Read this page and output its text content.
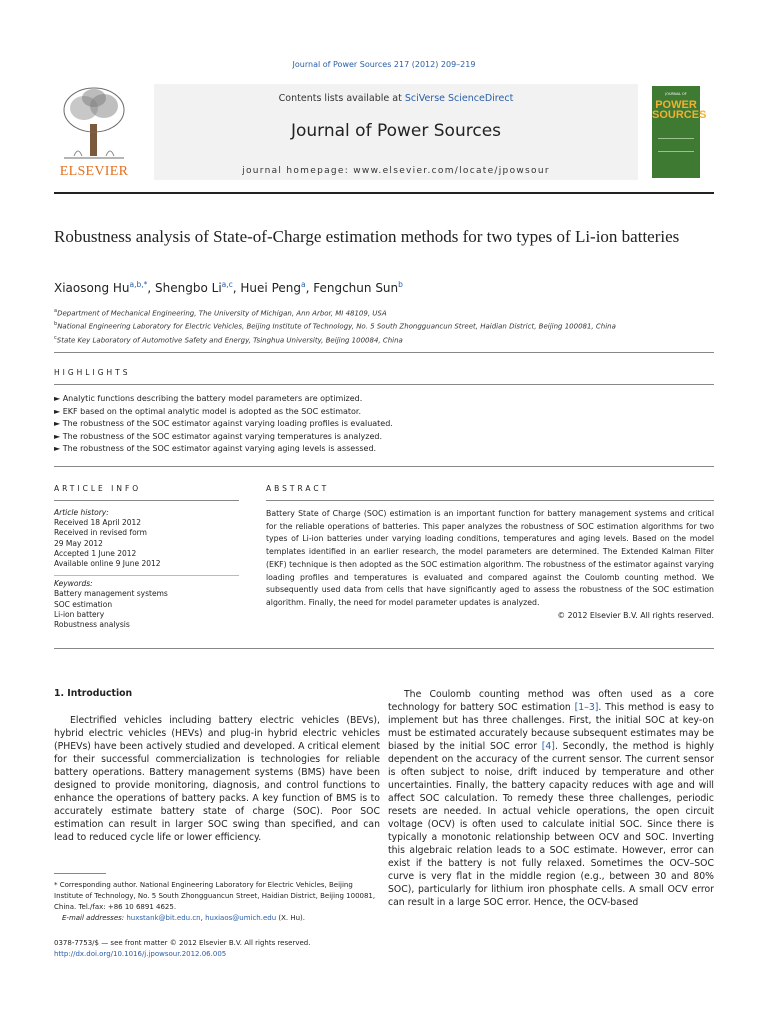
Journal of Power Sources 217 (2012) 209–219
ELSEVIER
Contents lists available at SciVerse ScienceDirect
Journal of Power Sources
journal homepage: www.elsevier.com/locate/jpowsour
JOURNAL OF
POWER SOURCES
Robustness analysis of State-of-Charge estimation methods for two types of Li-ion batteries
Xiaosong $Hu^{a,b,*}$, Shengbo Li$^{a,c}$, Huei Peng$^a$, Fengchun Sun$^b$
$^a$Department of Mechanical Engineering, The University of Michigan, Ann Arbor, MI 48109, USA
$^b$National Engineering Laboratory for Electric Vehicles, Beijing Institute of Technology, No. 5 South Zhongguancun Street, Haidian District, Beijing 100081, China
$^c$State Key Laboratory of Automotive Safety and Energy, Tsinghua University, Beijing 100084, China
HIGHLIGHTS
► Analytic functions describing the battery model parameters are optimized.
► EKF based on the optimal analytic model is adopted as the SOC estimator.
► The robustness of the SOC estimator against varying loading profiles is evaluated.
► The robustness of the SOC estimator against varying temperatures is analyzed.
► The robustness of the SOC estimator against varying aging levels is assessed.
ARTICLE INFO	ABSTRACT
Article history:
Received 18 April 2012
Received in revised form
29 May 2012
Accepted 1 June 2012
Available online 9 June 2012
Keywords:
Battery management systems
SOC estimation
Li-ion battery
Robustness analysis

Battery State of Charge (SOC) estimation is an important function for battery management systems and critical for the reliable operations of batteries. This paper analyzes the robustness of SOC estimation algorithms for two types of Li-ion batteries under varying loading conditions, temperatures and aging levels. Based on the model templates identified in an earlier research, the model parameters are determined. The Extended Kalman Filter (EKF) technique is then adopted as the SOC estimation algorithm. The robustness of the estimator against varying loading profiles and temperatures is evaluated and compared against the Coulomb counting method. We subsequently used data from cells that have significantly aged to assess the robustness of the SOC estimation algorithm. Finally, the need for model parameter updates is analyzed.

© 2012 Elsevier B.V. All rights reserved.

1. Introduction
Electrified vehicles including battery electric vehicles (BEVs), hybrid electric vehicles (HEVs) and plug-in hybrid electric vehicles (PHEVs) have been actively studied and developed. A critical element for their successful commercialization is technologies for reliable battery operations. Battery management systems (BMS) have been designed to provide monitoring, diagnosis, and control functions to enhance the operations of battery packs. A key function of BMS is to accurately estimate battery state of charge (SOC). Poor SOC estimation can result in larger SOC swing than specified, and can lead to reduced cycle life or lower efficiency.
The Coulomb counting method was often used as a core technology for battery SOC estimation [1–3]. This method is easy to implement but has three challenges. First, the initial SOC at key-on must be estimated accurately because subsequent estimates may be biased by the initial SOC error [4]. Secondly, the method is highly dependent on the accuracy of the current sensor. The current sensor is often subject to noise, drift induced by temperature and other uncertainties. Finally, the battery capacity reduces with age and will affect SOC calculation. To remedy these three challenges, periodic resets are needed. In actual vehicle operations, the open circuit voltage (OCV) is often used to calculate initial SOC. Since there is typically a monotonic relationship between OCV and SOC. Inverting this algebraic relation leads to a SOC estimate. However, error can exist if the battery is not fully relaxed. Sometimes the OCV–SOC curve is very flat in the middle region (e.g., between 30 and 80% SOC), particularly for lithium iron phosphate cells. A small OCV error can result in a large SOC error. Hence, the OCV-based
* Corresponding author. National Engineering Laboratory for Electric Vehicles, Beijing Institute of Technology, No. 5 South Zhongguancun Street, Haidian District, Beijing 100081, China. Tel./fax: +86 10 6891 4625.
E-mail addresses: huxstank@bit.edu.cn, huxiaos@umich.edu (X. Hu).
0378-7753/$ — see front matter © 2012 Elsevier B.V. All rights reserved.
http://dx.doi.org/10.1016/j.jpowsour.2012.06.005
